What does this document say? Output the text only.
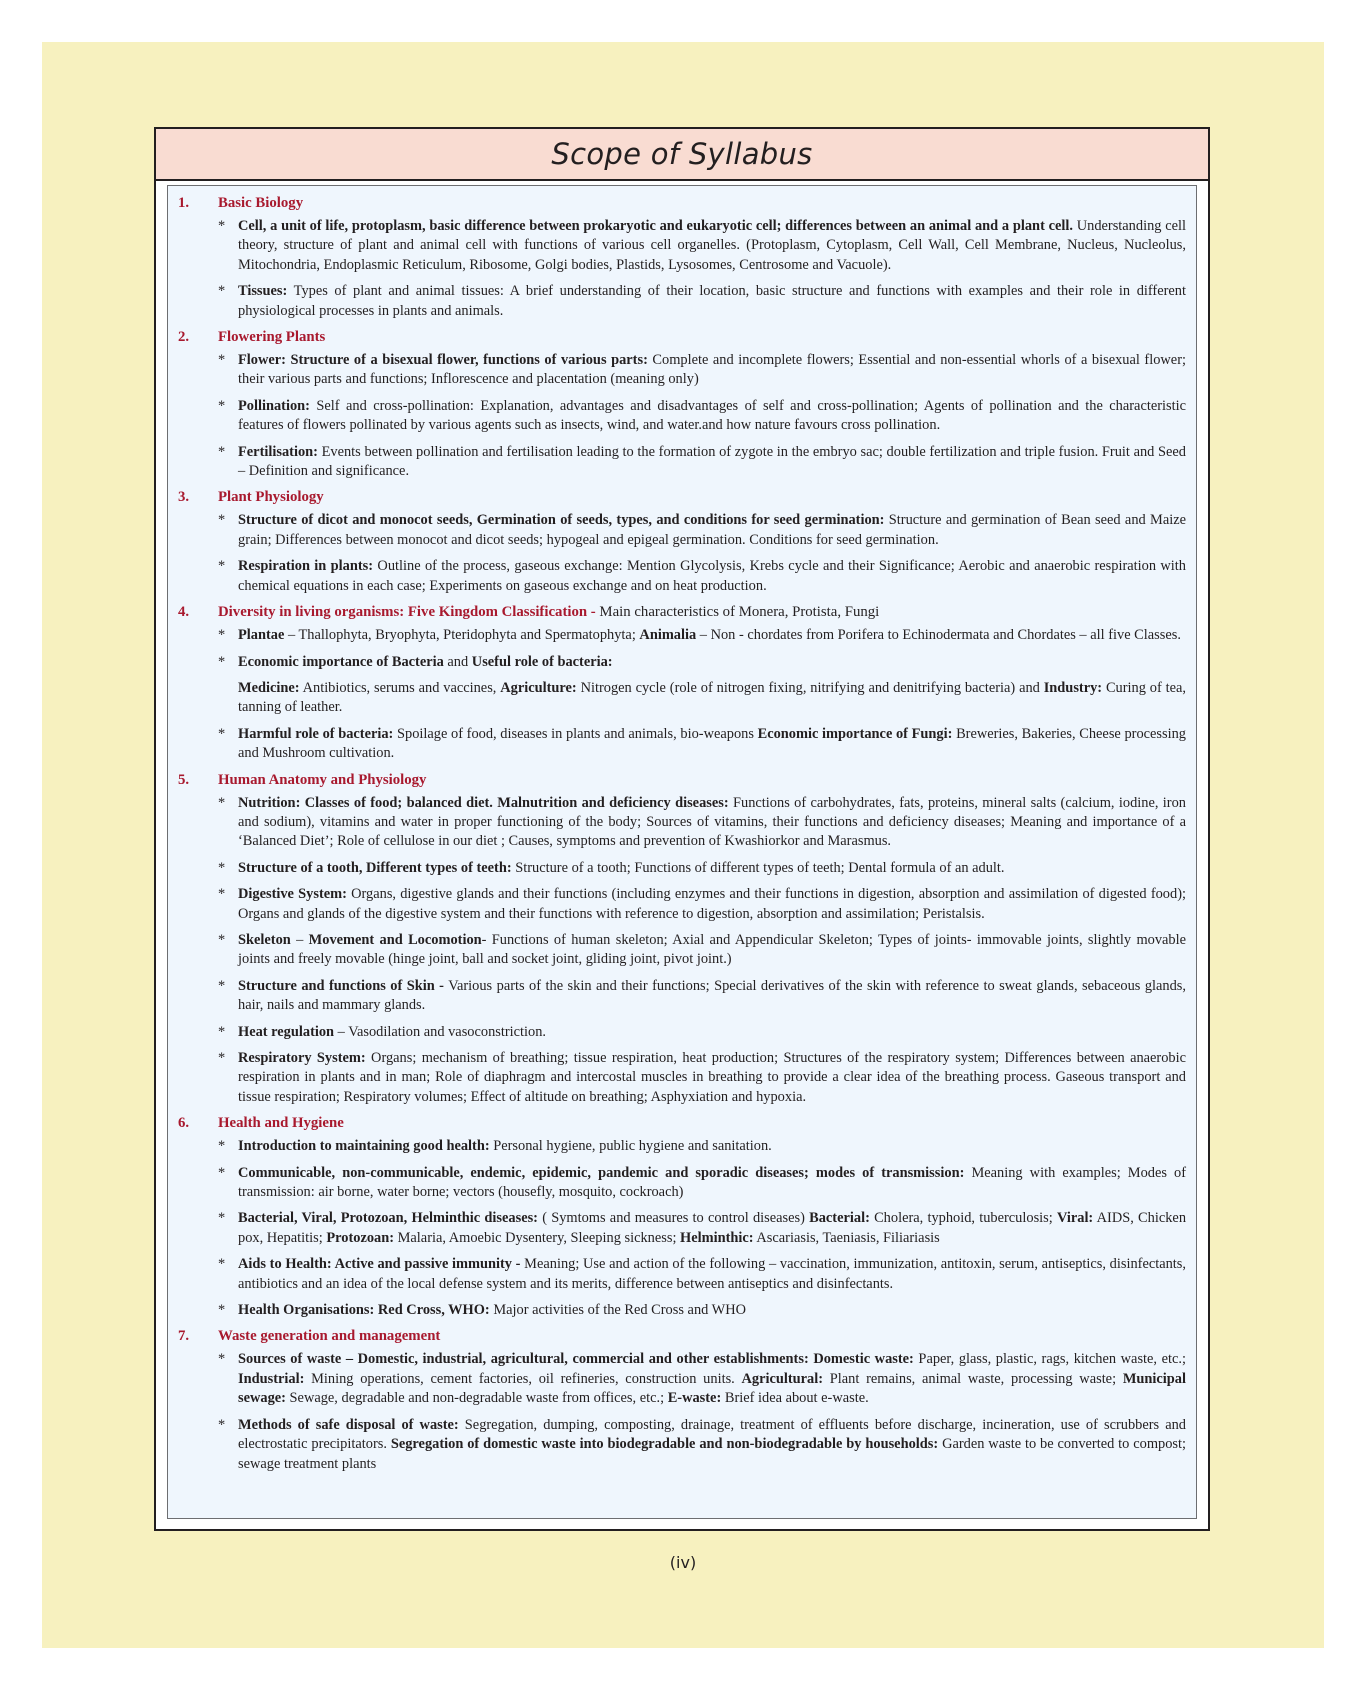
Scope of Syllabus
1.	Basic Biology
* Cell, a unit of life, protoplasm, basic difference between prokaryotic and eukaryotic cell; differences between an animal and a plant cell. Understanding cell theory, structure of plant and animal cell with functions of various cell organelles. (Protoplasm, Cytoplasm, Cell Wall, Cell Membrane, Nucleus, Nucleolus, Mitochondria, Endoplasmic Reticulum, Ribosome, Golgi bodies, Plastids, Lysosomes, Centrosome and Vacuole).
* Tissues: Types of plant and animal tissues: A brief understanding of their location, basic structure and functions with examples and their role in different physiological processes in plants and animals.
2.	Flowering Plants
* Flower: Structure of a bisexual flower, functions of various parts: Complete and incomplete flowers; Essential and non-essential whorls of a bisexual flower; their various parts and functions; Inflorescence and placentation (meaning only)
* Pollination: Self and cross-pollination: Explanation, advantages and disadvantages of self and cross-pollination; Agents of pollination and the characteristic features of flowers pollinated by various agents such as insects, wind, and water.and how nature favours cross pollination.
* Fertilisation: Events between pollination and fertilisation leading to the formation of zygote in the embryo sac; double fertilization and triple fusion. Fruit and Seed – Definition and significance.
3.	Plant Physiology
* Structure of dicot and monocot seeds, Germination of seeds, types, and conditions for seed germination: Structure and germination of Bean seed and Maize grain; Differences between monocot and dicot seeds; hypogeal and epigeal germination. Conditions for seed germination.
* Respiration in plants: Outline of the process, gaseous exchange: Mention Glycolysis, Krebs cycle and their Significance; Aerobic and anaerobic respiration with chemical equations in each case; Experiments on gaseous exchange and on heat production.
4.	Diversity in living organisms: Five Kingdom Classification - Main characteristics of Monera, Protista, Fungi
* Plantae – Thallophyta, Bryophyta, Pteridophyta and Spermatophyta; Animalia – Non - chordates from Porifera to Echinodermata and Chordates – all five Classes.
* Economic importance of Bacteria and Useful role of bacteria:
Medicine: Antibiotics, serums and vaccines, Agriculture: Nitrogen cycle (role of nitrogen fixing, nitrifying and denitrifying bacteria) and Industry: Curing of tea, tanning of leather.
* Harmful role of bacteria: Spoilage of food, diseases in plants and animals, bio-weapons Economic importance of Fungi: Breweries, Bakeries, Cheese processing and Mushroom cultivation.
5.	Human Anatomy and Physiology
* Nutrition: Classes of food; balanced diet. Malnutrition and deficiency diseases: Functions of carbohydrates, fats, proteins, mineral salts (calcium, iodine, iron and sodium), vitamins and water in proper functioning of the body; Sources of vitamins, their functions and deficiency diseases; Meaning and importance of a ‘Balanced Diet’; Role of cellulose in our diet ; Causes, symptoms and prevention of Kwashiorkor and Marasmus.
* Structure of a tooth, Different types of teeth: Structure of a tooth; Functions of different types of teeth; Dental formula of an adult.
* Digestive System: Organs, digestive glands and their functions (including enzymes and their functions in digestion, absorption and assimilation of digested food); Organs and glands of the digestive system and their functions with reference to digestion, absorption and assimilation; Peristalsis.
* Skeleton – Movement and Locomotion- Functions of human skeleton; Axial and Appendicular Skeleton; Types of joints- immovable joints, slightly movable joints and freely movable (hinge joint, ball and socket joint, gliding joint, pivot joint.)
* Structure and functions of Skin - Various parts of the skin and their functions; Special derivatives of the skin with reference to sweat glands, sebaceous glands, hair, nails and mammary glands.
* Heat regulation – Vasodilation and vasoconstriction.
* Respiratory System: Organs; mechanism of breathing; tissue respiration, heat production; Structures of the respiratory system; Differences between anaerobic respiration in plants and in man; Role of diaphragm and intercostal muscles in breathing to provide a clear idea of the breathing process. Gaseous transport and tissue respiration; Respiratory volumes; Effect of altitude on breathing; Asphyxiation and hypoxia.
6.	Health and Hygiene
* Introduction to maintaining good health: Personal hygiene, public hygiene and sanitation.
* Communicable, non-communicable, endemic, epidemic, pandemic and sporadic diseases; modes of transmission: Meaning with examples; Modes of transmission: air borne, water borne; vectors (housefly, mosquito, cockroach)
* Bacterial, Viral, Protozoan, Helminthic diseases: ( Symtoms and measures to control diseases) Bacterial: Cholera, typhoid, tuberculosis; Viral: AIDS, Chicken pox, Hepatitis; Protozoan: Malaria, Amoebic Dysentery, Sleeping sickness; Helminthic: Ascariasis, Taeniasis, Filiariasis
* Aids to Health: Active and passive immunity - Meaning; Use and action of the following – vaccination, immunization, antitoxin, serum, antiseptics, disinfectants, antibiotics and an idea of the local defense system and its merits, difference between antiseptics and disinfectants.
* Health Organisations: Red Cross, WHO: Major activities of the Red Cross and WHO
7.	Waste generation and management
* Sources of waste – Domestic, industrial, agricultural, commercial and other establishments: Domestic waste: Paper, glass, plastic, rags, kitchen waste, etc.; Industrial: Mining operations, cement factories, oil refineries, construction units. Agricultural: Plant remains, animal waste, processing waste; Municipal sewage: Sewage, degradable and non-degradable waste from offices, etc.; E-waste: Brief idea about e-waste.
* Methods of safe disposal of waste: Segregation, dumping, composting, drainage, treatment of effluents before discharge, incineration, use of scrubbers and electrostatic precipitators. Segregation of domestic waste into biodegradable and non-biodegradable by households: Garden waste to be converted to compost; sewage treatment plants
(iv)
